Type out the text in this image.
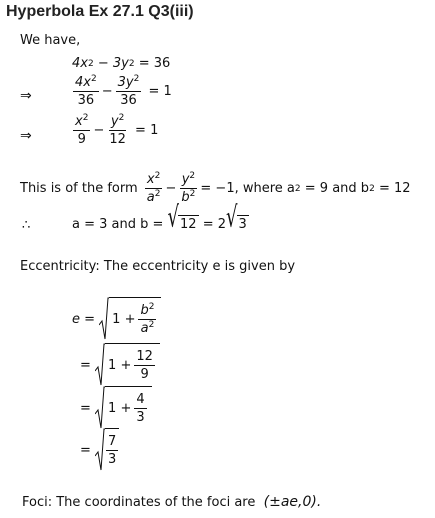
Hyperbola Ex 27.1 Q3(iii)
We have,
4x 2 − 3y 2 = 36
⇒	$\frac{4x^2}{36} - \frac{3y^2}{36} = 1$
⇒	$\frac{x^2}{9} - \frac{y^2}{12} = 1$
This is of the form
$\frac{x^2}{a^2} - \frac{y^2}{b^2} = -1$,
where a 2
= 9 and b 2
= 12
∴	a = 3 and b =
√ 12
= 2 √ 3
Eccentricity: The eccentricity e is given by
e =
$1 + \frac{b^2}{a^2}$
=
$1 + \frac{12}{9}$
=
$1 + \frac{4}{3}$
=
$\frac{7}{3}$
Foci: The coordinates of the foci are
(±ae,0).
